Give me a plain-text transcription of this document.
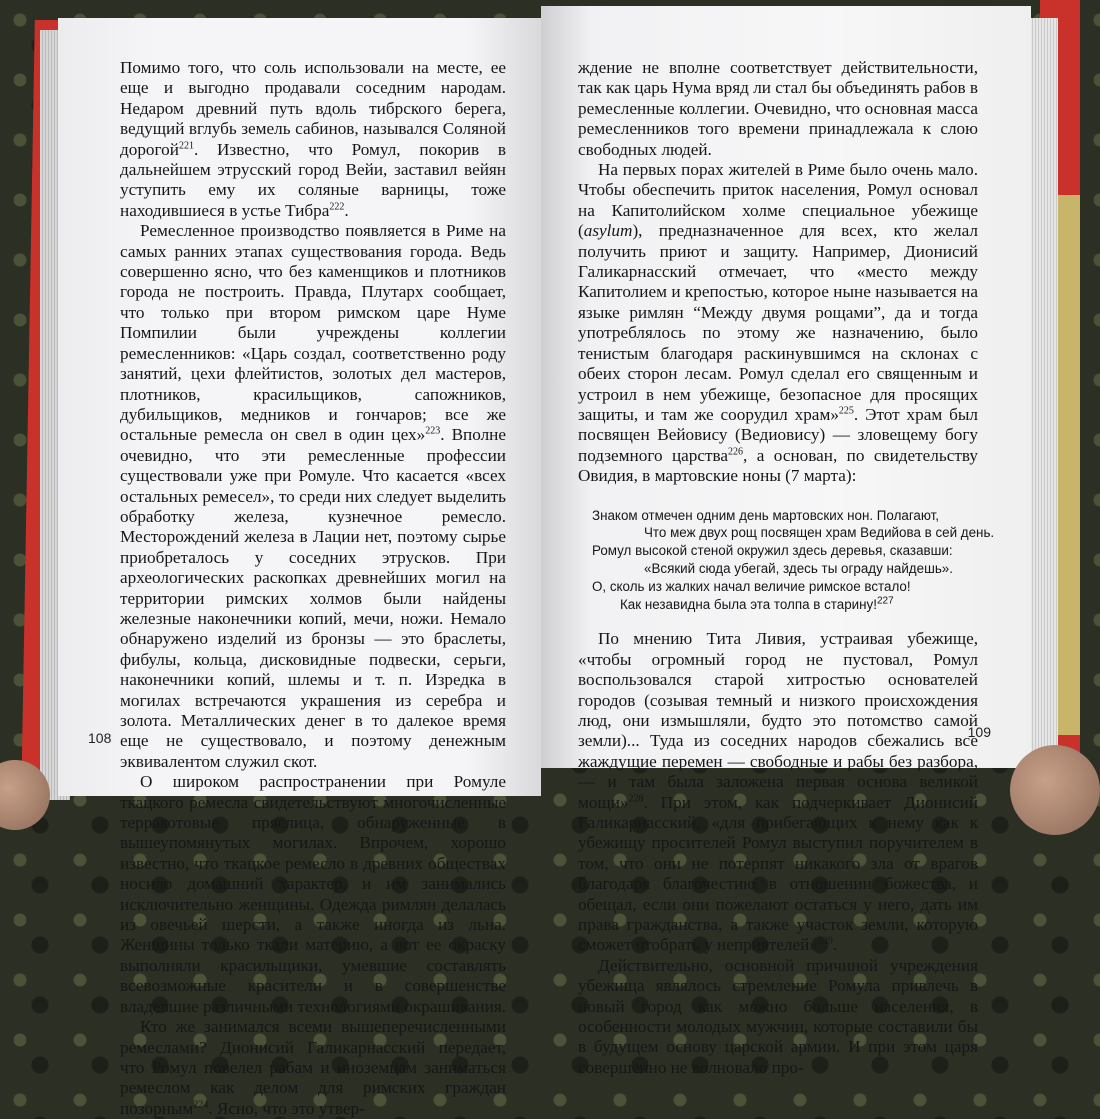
Помимо того, что соль использовали на месте, ее еще и выгодно продавали соседним народам. Недаром древний путь вдоль тибрского берега, ведущий вглубь земель сабинов, назывался Соляной дорогой$^{221}$. Известно, что Ромул, покорив в дальнейшем этрусский город Вейи, заставил вейян уступить ему их соляные варницы, тоже находившиеся в устье Тибра$^{222}$.

Ремесленное производство появляется в Риме на самых ранних этапах существования города. Ведь совершенно ясно, что без каменщиков и плотников города не построить. Правда, Плутарх сообщает, что только при втором римском царе Нуме Помпилии были учреждены коллегии ремесленников: «Царь создал, соответственно роду занятий, цехи флейтистов, золотых дел мастеров, плотников, красильщиков, сапожников, дубильщиков, медников и гончаров; все же остальные ремесла он свел в один цех»$^{223}$. Вполне очевидно, что эти ремесленные профессии существовали уже при Ромуле. Что касается «всех остальных ремесел», то среди них следует выделить обработку железа, кузнечное ремесло. Месторождений железа в Лации нет, поэтому сырье приобреталось у соседних этрусков. При археологических раскопках древнейших могил на территории римских холмов были найдены железные наконечники копий, мечи, ножи. Немало обнаружено изделий из бронзы — это браслеты, фибулы, кольца, дисковидные подвески, серьги, наконечники копий, шлемы и т. п. Изредка в могилах встречаются украшения из серебра и золота. Металлических денег в то далекое время еще не существовало, и поэтому денежным эквивалентом служил скот.

О широком распространении при Ромуле ткацкого ремесла свидетельствуют многочисленные терракотовые пряслица, обнаруженные в вышеупомянутых могилах. Впрочем, хорошо известно, что ткацкое ремесло в древних обществах носило домашний характер, и им занимались исключительно женщины. Одежда римлян делалась из овечьей шерсти, а также иногда из льна. Женщины только ткали материю, а вот ее окраску выполняли красильщики, умевшие составлять всевозможные красители и в совершенстве владевшие различными технологиями окрашивания.

Кто же занимался всеми вышеперечисленными ремеслами? Дионисий Галикарнасский передает, что Ромул повелел рабам и иноземцам заниматься ремеслом как делом для римских граждан позорным$^{224}$. Ясно, что это утвер-

108

ждение не вполне соответствует действительности, так как царь Нума вряд ли стал бы объединять рабов в ремесленные коллегии. Очевидно, что основная масса ремесленников того времени принадлежала к слою свободных людей.

На первых порах жителей в Риме было очень мало. Чтобы обеспечить приток населения, Ромул основал на Капитолийском холме специальное убежище (asylum), предназначенное для всех, кто желал получить приют и защиту. Например, Дионисий Галикарнасский отмечает, что «место между Капитолием и крепостью, которое ныне называется на языке римлян “Между двумя рощами”, да и тогда употреблялось по этому же назначению, было тенистым благодаря раскинувшимся на склонах с обеих сторон лесам. Ромул сделал его священным и устроил в нем убежище, безопасное для просящих защиты, и там же соорудил храм»$^{225}$. Этот храм был посвящен Вейовису (Ведиовису) — зловещему богу подземного царства$^{226}$, а основан, по свидетельству Овидия, в мартовские ноны (7 марта):

Знаком отмечен одним день мартовских нон. Полагают,
Что меж двух рощ посвящен храм Ведийова в сей день.
Ромул высокой стеной окружил здесь деревья, сказавши:
«Всякий сюда убегай, здесь ты ограду найдешь».
О, сколь из жалких начал величие римское встало!
Как незавидна была эта толпа в старину!$^{227}$

По мнению Тита Ливия, устраивая убежище, «чтобы огромный город не пустовал, Ромул воспользовался старой хитростью основателей городов (созывая темный и низкого происхождения люд, они измышляли, будто это потомство самой земли)... Туда из соседних народов сбежались все жаждущие перемен — свободные и рабы без разбора, — и там была заложена первая основа великой мощи»$^{228}$. При этом, как подчеркивает Дионисий Галикарнасский, «для прибегающих к нему как к убежищу просителей Ромул выступил поручителем в том, что они не потерпят никакого зла от врагов благодаря благочестию в отношении божества, и обещал, если они пожелают остаться у него, дать им права гражданства, а также участок земли, которую сможет отобрать у неприятелей»$^{229}$.

Действительно, основной причиной учреждения убежища являлось стремление Ромула привлечь в новый город как можно больше населения, в особенности молодых мужчин, которые составили бы в будущем основу царской армии. И при этом царя совершенно не волновало про-

109
